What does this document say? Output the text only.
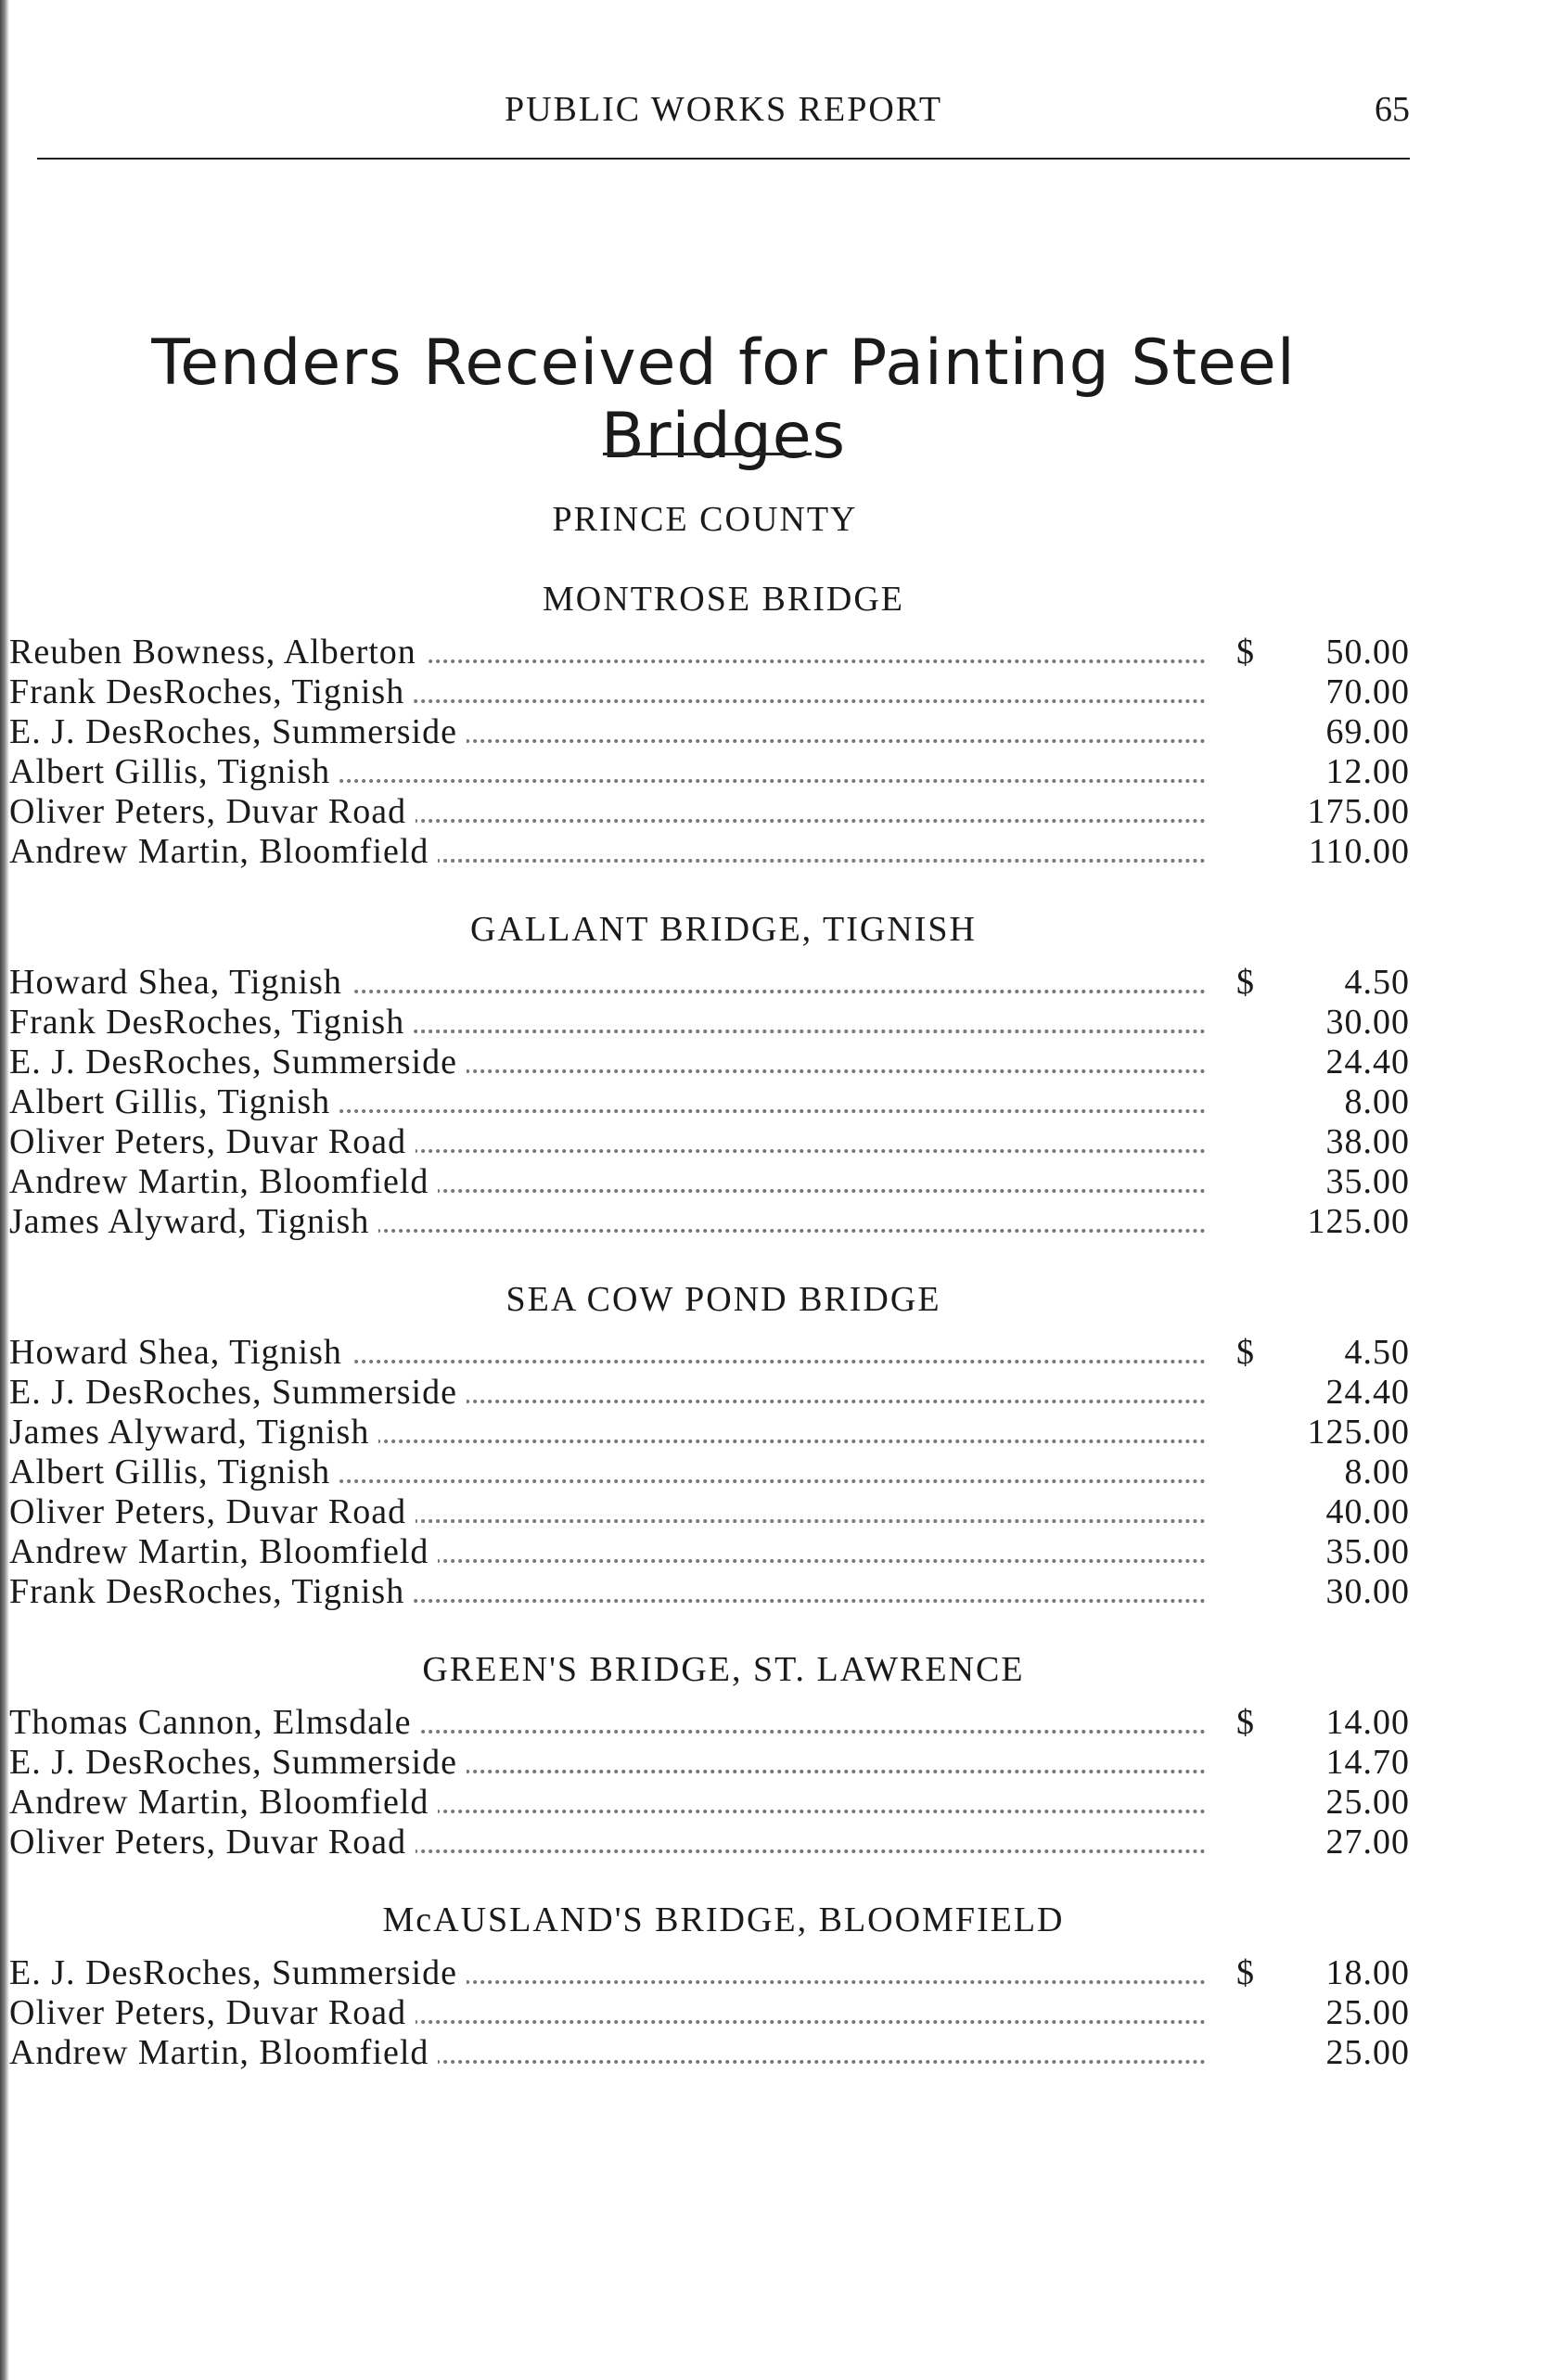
PUBLIC WORKS REPORT	65
Tenders Received for Painting Steel Bridges
PRINCE COUNTY
MONTROSE BRIDGE
Reuben Bowness, Alberton	$	50.00
Frank DesRoches, Tignish	70.00
E. J. DesRoches, Summerside	69.00
Albert Gillis, Tignish	12.00
Oliver Peters, Duvar Road	175.00
Andrew Martin, Bloomfield	110.00
GALLANT BRIDGE, TIGNISH
Howard Shea, Tignish	$	4.50
Frank DesRoches, Tignish	30.00
E. J. DesRoches, Summerside	24.40
Albert Gillis, Tignish	8.00
Oliver Peters, Duvar Road	38.00
Andrew Martin, Bloomfield	35.00
James Alyward, Tignish	125.00
SEA COW POND BRIDGE
Howard Shea, Tignish	$	4.50
E. J. DesRoches, Summerside	24.40
James Alyward, Tignish	125.00
Albert Gillis, Tignish	8.00
Oliver Peters, Duvar Road	40.00
Andrew Martin, Bloomfield	35.00
Frank DesRoches, Tignish	30.00
GREEN'S BRIDGE, ST. LAWRENCE
Thomas Cannon, Elmsdale	$	14.00
E. J. DesRoches, Summerside	14.70
Andrew Martin, Bloomfield	25.00
Oliver Peters, Duvar Road	27.00
McAUSLAND'S BRIDGE, BLOOMFIELD
E. J. DesRoches, Summerside	$	18.00
Oliver Peters, Duvar Road	25.00
Andrew Martin, Bloomfield	25.00
